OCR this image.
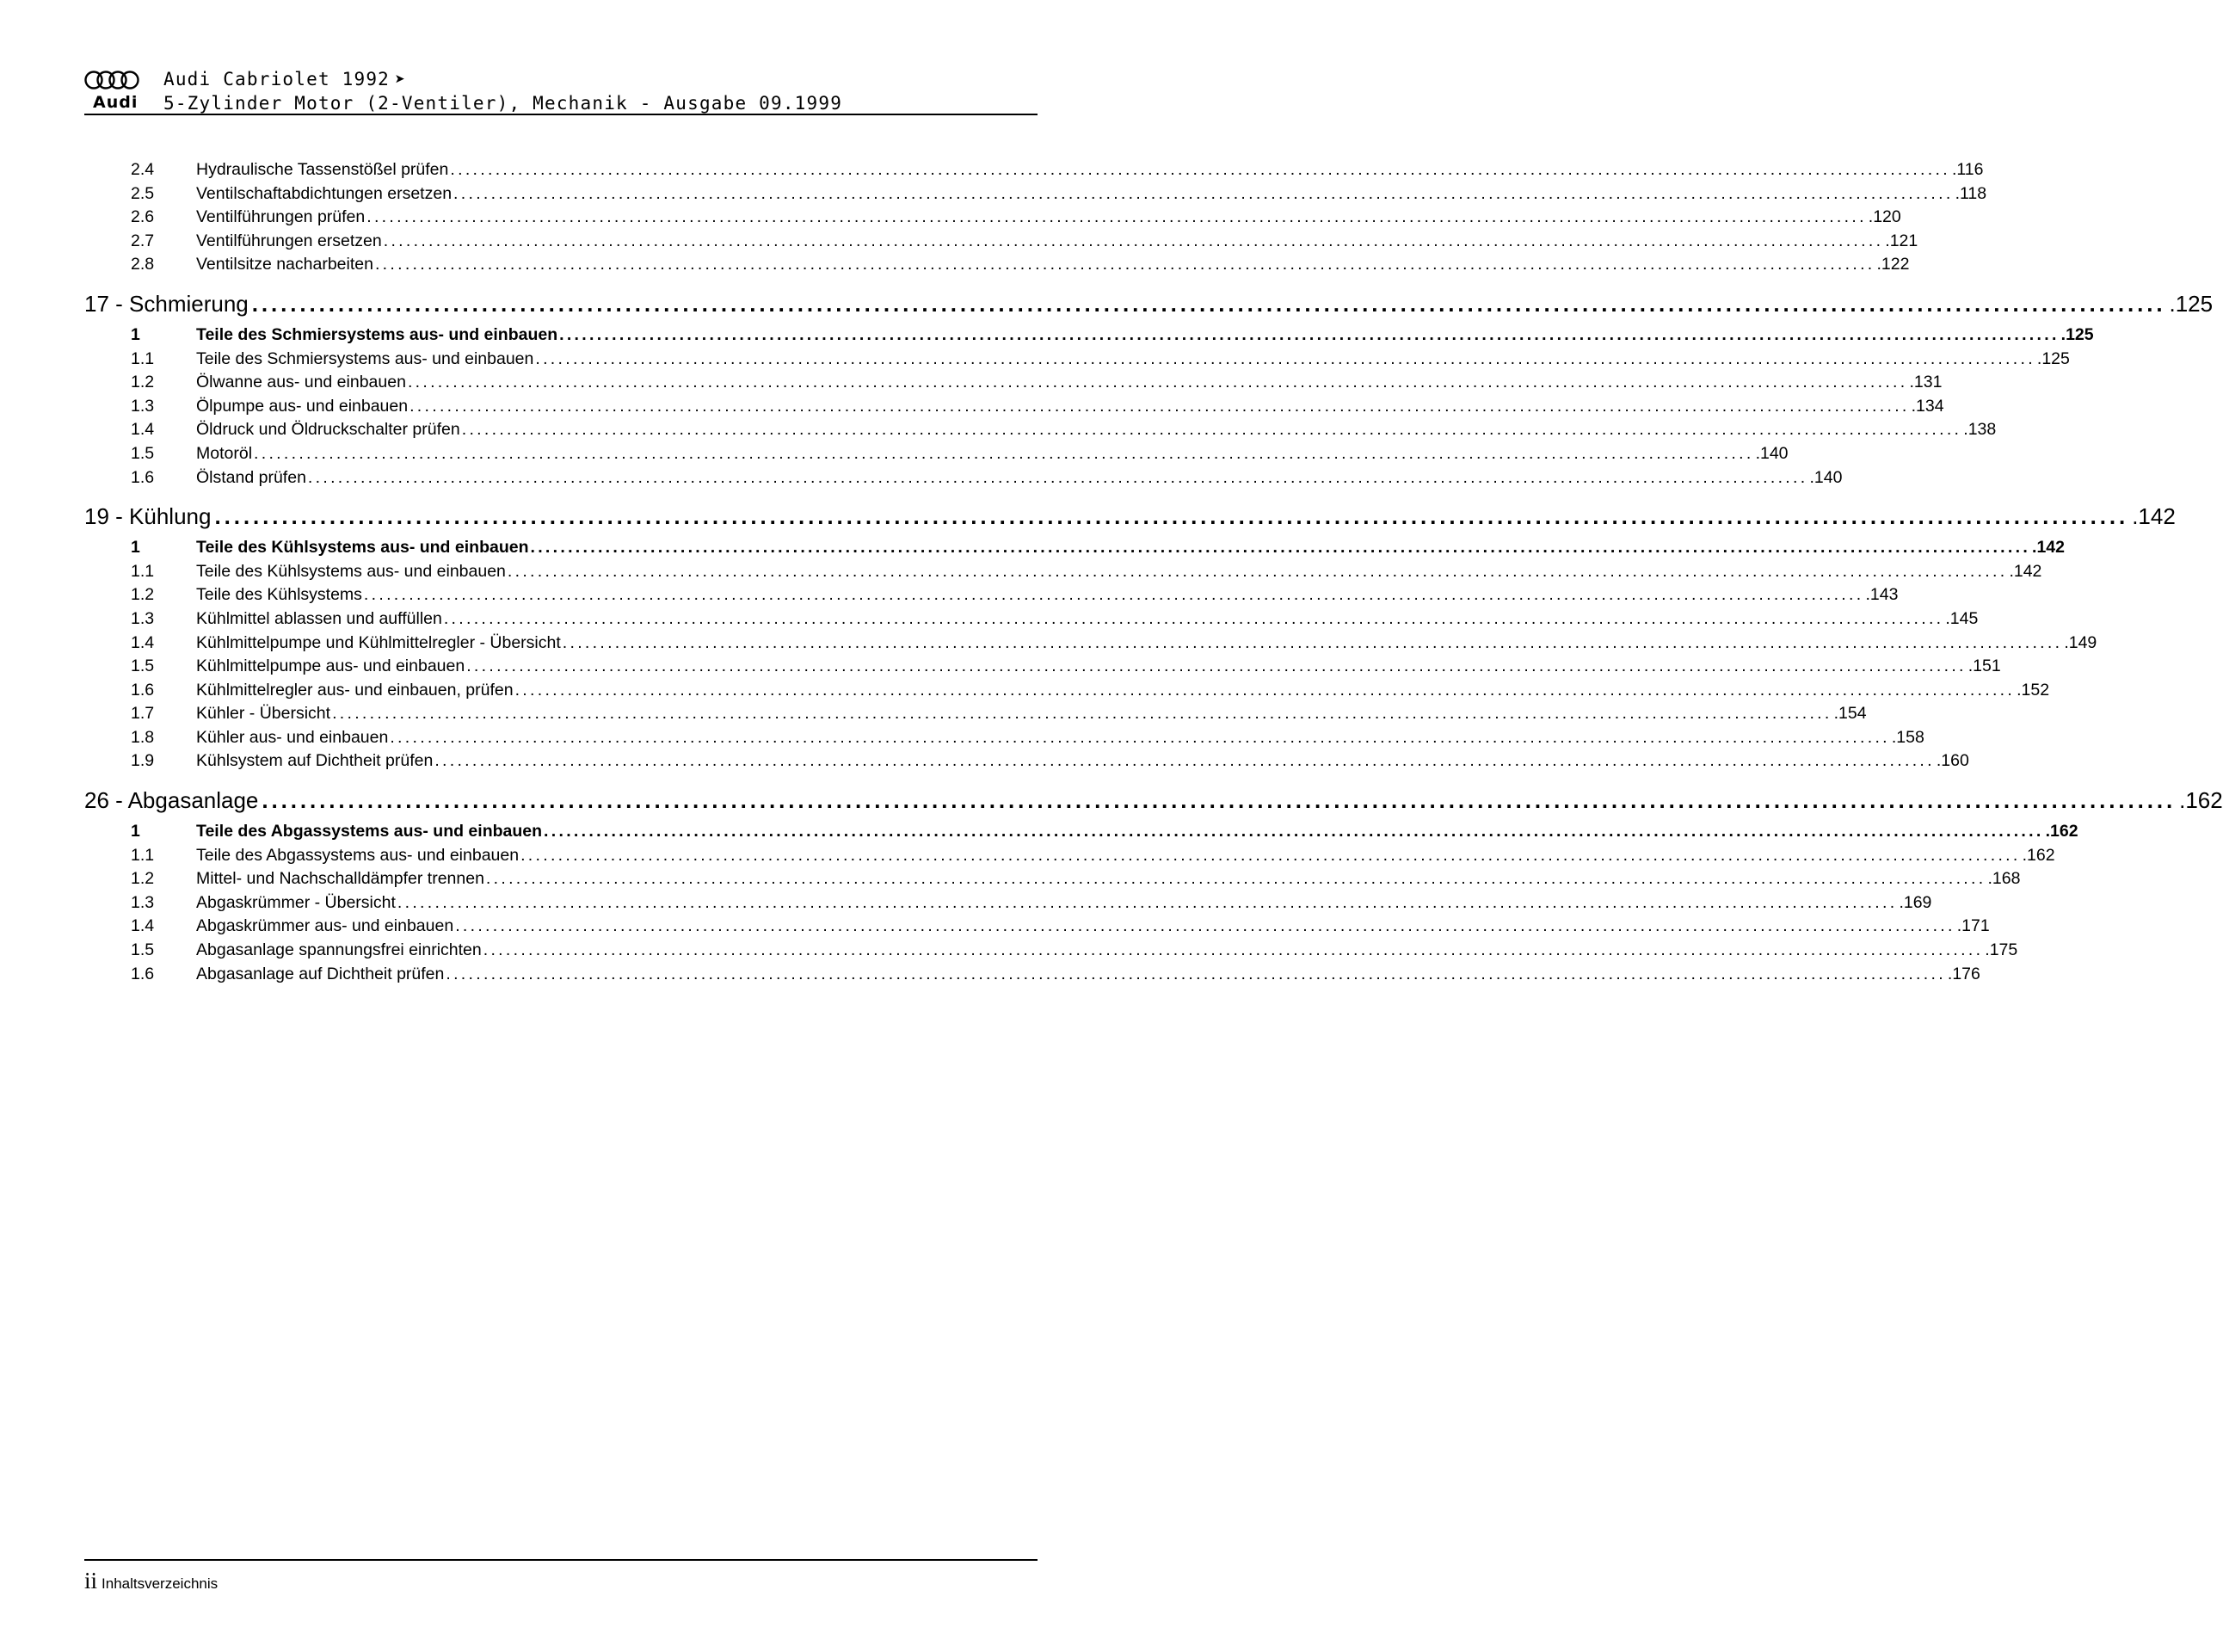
Audi
Audi Cabriolet 1992 ➤
5-Zylinder Motor (2-Ventiler), Mechanik - Ausgabe 09.1999
2.4	Hydraulische Tassenstößel prüfen ........................................................................................................................................................................................................ .116
2.5	Ventilschaftabdichtungen ersetzen ........................................................................................................................................................................................................ .118
2.6	Ventilführungen prüfen ........................................................................................................................................................................................................ .120
2.7	Ventilführungen ersetzen ........................................................................................................................................................................................................ .121
2.8	Ventilsitze nacharbeiten ........................................................................................................................................................................................................ .122
17 - Schmierung ........................................................................................................................................................................................................ .125
1	Teile des Schmiersystems aus- und einbauen ........................................................................................................................................................................................................ .125
1.1	Teile des Schmiersystems aus- und einbauen ........................................................................................................................................................................................................ .125
1.2	Ölwanne aus- und einbauen ........................................................................................................................................................................................................ .131
1.3	Ölpumpe aus- und einbauen ........................................................................................................................................................................................................ .134
1.4	Öldruck und Öldruckschalter prüfen ........................................................................................................................................................................................................ .138
1.5	Motoröl ........................................................................................................................................................................................................ .140
1.6	Ölstand prüfen ........................................................................................................................................................................................................ .140
19 - Kühlung ........................................................................................................................................................................................................ .142
1	Teile des Kühlsystems aus- und einbauen ........................................................................................................................................................................................................ .142
1.1	Teile des Kühlsystems aus- und einbauen ........................................................................................................................................................................................................ .142
1.2	Teile des Kühlsystems ........................................................................................................................................................................................................ .143
1.3	Kühlmittel ablassen und auffüllen ........................................................................................................................................................................................................ .145
1.4	Kühlmittelpumpe und Kühlmittelregler - Übersicht ........................................................................................................................................................................................................ .149
1.5	Kühlmittelpumpe aus- und einbauen ........................................................................................................................................................................................................ .151
1.6	Kühlmittelregler aus- und einbauen, prüfen ........................................................................................................................................................................................................ .152
1.7	Kühler - Übersicht ........................................................................................................................................................................................................ .154
1.8	Kühler aus- und einbauen ........................................................................................................................................................................................................ .158
1.9	Kühlsystem auf Dichtheit prüfen ........................................................................................................................................................................................................ .160
26 - Abgasanlage ........................................................................................................................................................................................................ .162
1	Teile des Abgassystems aus- und einbauen ........................................................................................................................................................................................................ .162
1.1	Teile des Abgassystems aus- und einbauen ........................................................................................................................................................................................................ .162
1.2	Mittel- und Nachschalldämpfer trennen ........................................................................................................................................................................................................ .168
1.3	Abgaskrümmer - Übersicht ........................................................................................................................................................................................................ .169
1.4	Abgaskrümmer aus- und einbauen ........................................................................................................................................................................................................ .171
1.5	Abgasanlage spannungsfrei einrichten ........................................................................................................................................................................................................ .175
1.6	Abgasanlage auf Dichtheit prüfen ........................................................................................................................................................................................................ .176
ii Inhaltsverzeichnis
